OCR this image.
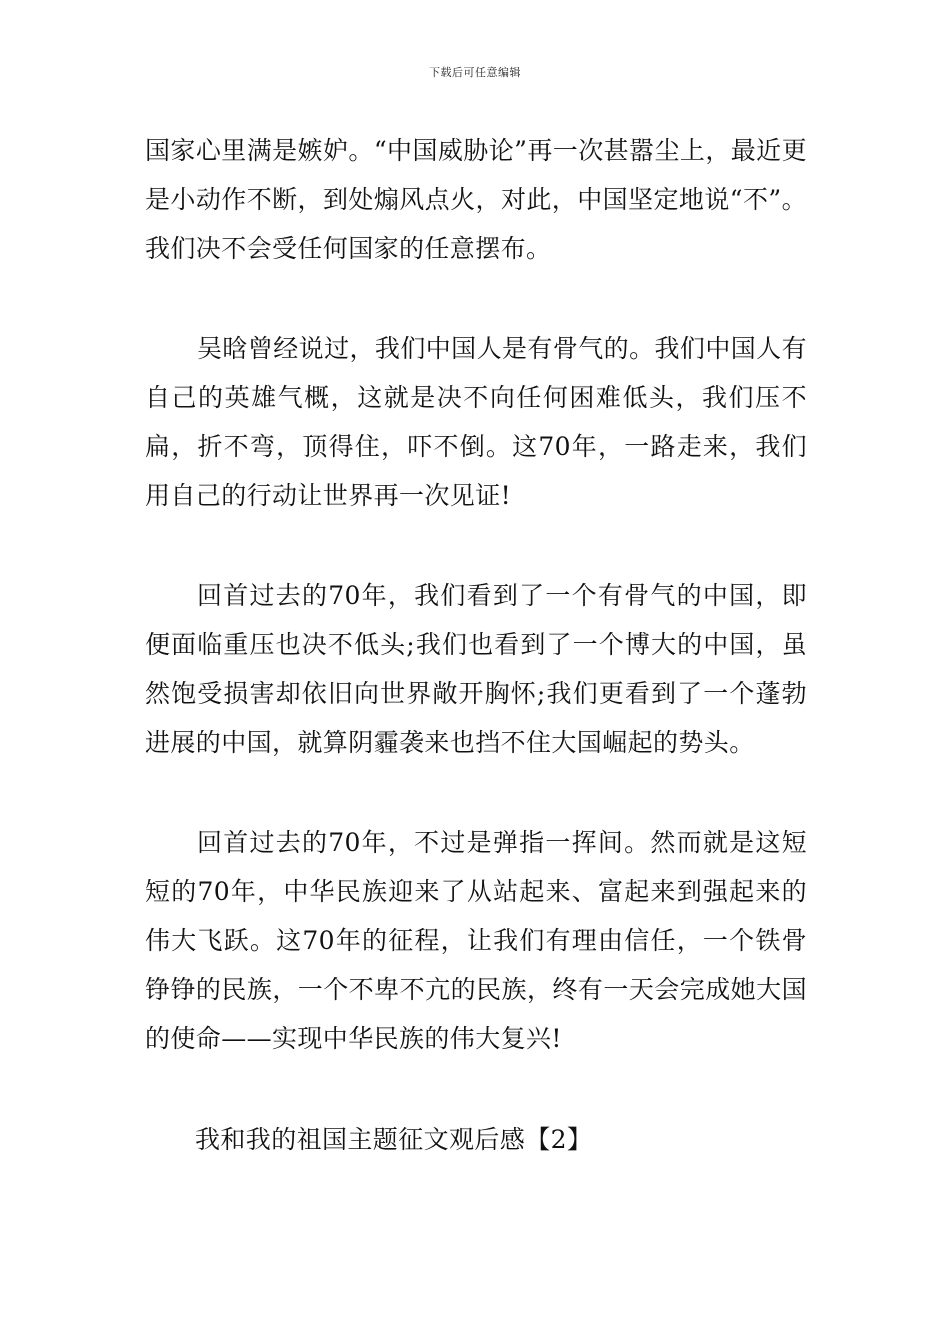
下载后可任意编辑

国家心里满是嫉妒。“中国威胁论”再一次甚嚣尘上，最近更是小动作不断，到处煽风点火，对此，中国坚定地说“不”。我们决不会受任何国家的任意摆布。

吴晗曾经说过，我们中国人是有骨气的。我们中国人有自己的英雄气概，这就是决不向任何困难低头，我们压不扁，折不弯，顶得住，吓不倒。这70年，一路走来，我们用自己的行动让世界再一次见证!

回首过去的70年，我们看到了一个有骨气的中国，即便面临重压也决不低头;我们也看到了一个博大的中国，虽然饱受损害却依旧向世界敞开胸怀;我们更看到了一个蓬勃进展的中国，就算阴霾袭来也挡不住大国崛起的势头。

回首过去的70年，不过是弹指一挥间。然而就是这短短的70年，中华民族迎来了从站起来、富起来到强起来的伟大飞跃。这70年的征程，让我们有理由信任，一个铁骨铮铮的民族，一个不卑不亢的民族，终有一天会完成她大国的使命——实现中华民族的伟大复兴!

我和我的祖国主题征文观后感【2】
